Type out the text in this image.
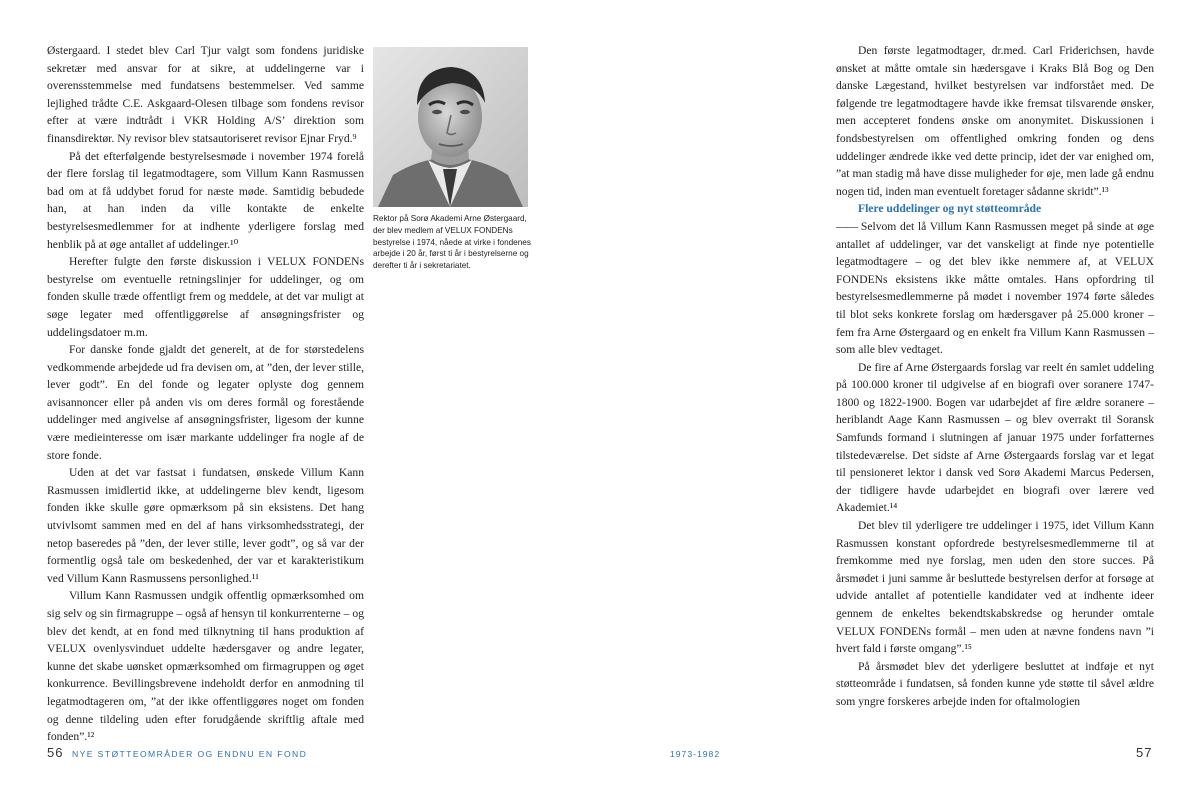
Østergaard. I stedet blev Carl Tjur valgt som fondens juridiske sekretær med ansvar for at sikre, at uddelingerne var i overensstemmelse med fundatsens bestemmelser. Ved samme lejlighed trådte C.E. Askgaard-Olesen tilbage som fondens revisor efter at være indtrådt i VKR Holding A/S’ direktion som finansdirektør. Ny revisor blev statsautoriseret revisor Ejnar Fryd.⁹

På det efterfølgende bestyrelsesmøde i november 1974 forelå der flere forslag til legatmodtagere, som Villum Kann Rasmussen bad om at få uddybet forud for næste møde. Samtidig bebudede han, at han inden da ville kontakte de enkelte bestyrelsesmedlemmer for at indhente yderligere forslag med henblik på at øge antallet af uddelinger.¹⁰

Herefter fulgte den første diskussion i VELUX FONDENs bestyrelse om eventuelle retningslinjer for uddelinger, og om fonden skulle træde offentligt frem og meddele, at det var muligt at søge legater med offentliggørelse af ansøgningsfrister og uddelingsdatoer m.m.

For danske fonde gjaldt det generelt, at de for størstedelens vedkommende arbejdede ud fra devisen om, at ”den, der lever stille, lever godt”. En del fonde og legater oplyste dog gennem avisannoncer eller på anden vis om deres formål og forestående uddelinger med angivelse af ansøgningsfrister, ligesom der kunne være medieinteresse om især markante uddelinger fra nogle af de store fonde.

Uden at det var fastsat i fundatsen, ønskede Villum Kann Rasmussen imidlertid ikke, at uddelingerne blev kendt, ligesom fonden ikke skulle gøre opmærksom på sin eksistens. Det hang utvivlsomt sammen med en del af hans virksomhedsstrategi, der netop baseredes på ”den, der lever stille, lever godt”, og så var der formentlig også tale om beskedenhed, der var et karakteristikum ved Villum Kann Rasmussens personlighed.¹¹

Villum Kann Rasmussen undgik offentlig opmærksomhed om sig selv og sin firmagruppe – også af hensyn til konkurrenterne – og blev det kendt, at en fond med tilknytning til hans produktion af VELUX ovenlysvinduet uddelte hædersgaver og andre legater, kunne det skabe uønsket opmærksomhed om firmagruppen og øget konkurrence. Bevillingsbrevene indeholdt derfor en anmodning til legatmodtageren om, ”at der ikke offentliggøres noget om fonden og denne tildeling uden efter forudgående skriftlig aftale med fonden”.¹²

Rektor på Sorø Akademi Arne Østergaard, der blev medlem af VELUX FONDENs bestyrelse i 1974, nåede at virke i fondenes arbejde i 20 år, først ti år i bestyrelserne og derefter ti år i sekretariatet.

Den første legatmodtager, dr.med. Carl Friderichsen, havde ønsket at måtte omtale sin hædersgave i Kraks Blå Bog og Den danske Lægestand, hvilket bestyrelsen var indforstået med. De følgende tre legatmodtagere havde ikke fremsat tilsvarende ønsker, men accepteret fondens ønske om anonymitet. Diskussionen i fondsbestyrelsen om offentlighed omkring fonden og dens uddelinger ændrede ikke ved dette princip, idet der var enighed om, ”at man stadig må have disse muligheder for øje, men lade gå endnu nogen tid, inden man eventuelt foretager sådanne skridt”.¹³

Flere uddelinger og nyt støtteområde

—— Selvom det lå Villum Kann Rasmussen meget på sinde at øge antallet af uddelinger, var det vanskeligt at finde nye potentielle legatmodtagere – og det blev ikke nemmere af, at VELUX FONDENs eksistens ikke måtte omtales. Hans opfordring til bestyrelsesmedlemmerne på mødet i november 1974 førte således til blot seks konkrete forslag om hædersgaver på 25.000 kroner – fem fra Arne Østergaard og en enkelt fra Villum Kann Rasmussen – som alle blev vedtaget.

De fire af Arne Østergaards forslag var reelt én samlet uddeling på 100.000 kroner til udgivelse af en biografi over soranere 1747-1800 og 1822-1900. Bogen var udarbejdet af fire ældre soranere – heriblandt Aage Kann Rasmussen – og blev overrakt til Soransk Samfunds formand i slutningen af januar 1975 under forfatternes tilstedeværelse. Det sidste af Arne Østergaards forslag var et legat til pensioneret lektor i dansk ved Sorø Akademi Marcus Pedersen, der tidligere havde udarbejdet en biografi over lærere ved Akademiet.¹⁴

Det blev til yderligere tre uddelinger i 1975, idet Villum Kann Rasmussen konstant opfordrede bestyrelsesmedlemmerne til at fremkomme med nye forslag, men uden den store succes. På årsmødet i juni samme år besluttede bestyrelsen derfor at forsøge at udvide antallet af potentielle kandidater ved at indhente ideer gennem de enkeltes bekendtskabskredse og herunder omtale VELUX FONDENs formål – men uden at nævne fondens navn ”i hvert fald i første omgang”.¹⁵

På årsmødet blev det yderligere besluttet at indføje et nyt støtteområde i fundatsen, så fonden kunne yde støtte til såvel ældre som yngre forskeres arbejde inden for oftalmologien

56 NYE STØTTEOMRÅDER OG ENDNU EN FOND	1973-1982	57
